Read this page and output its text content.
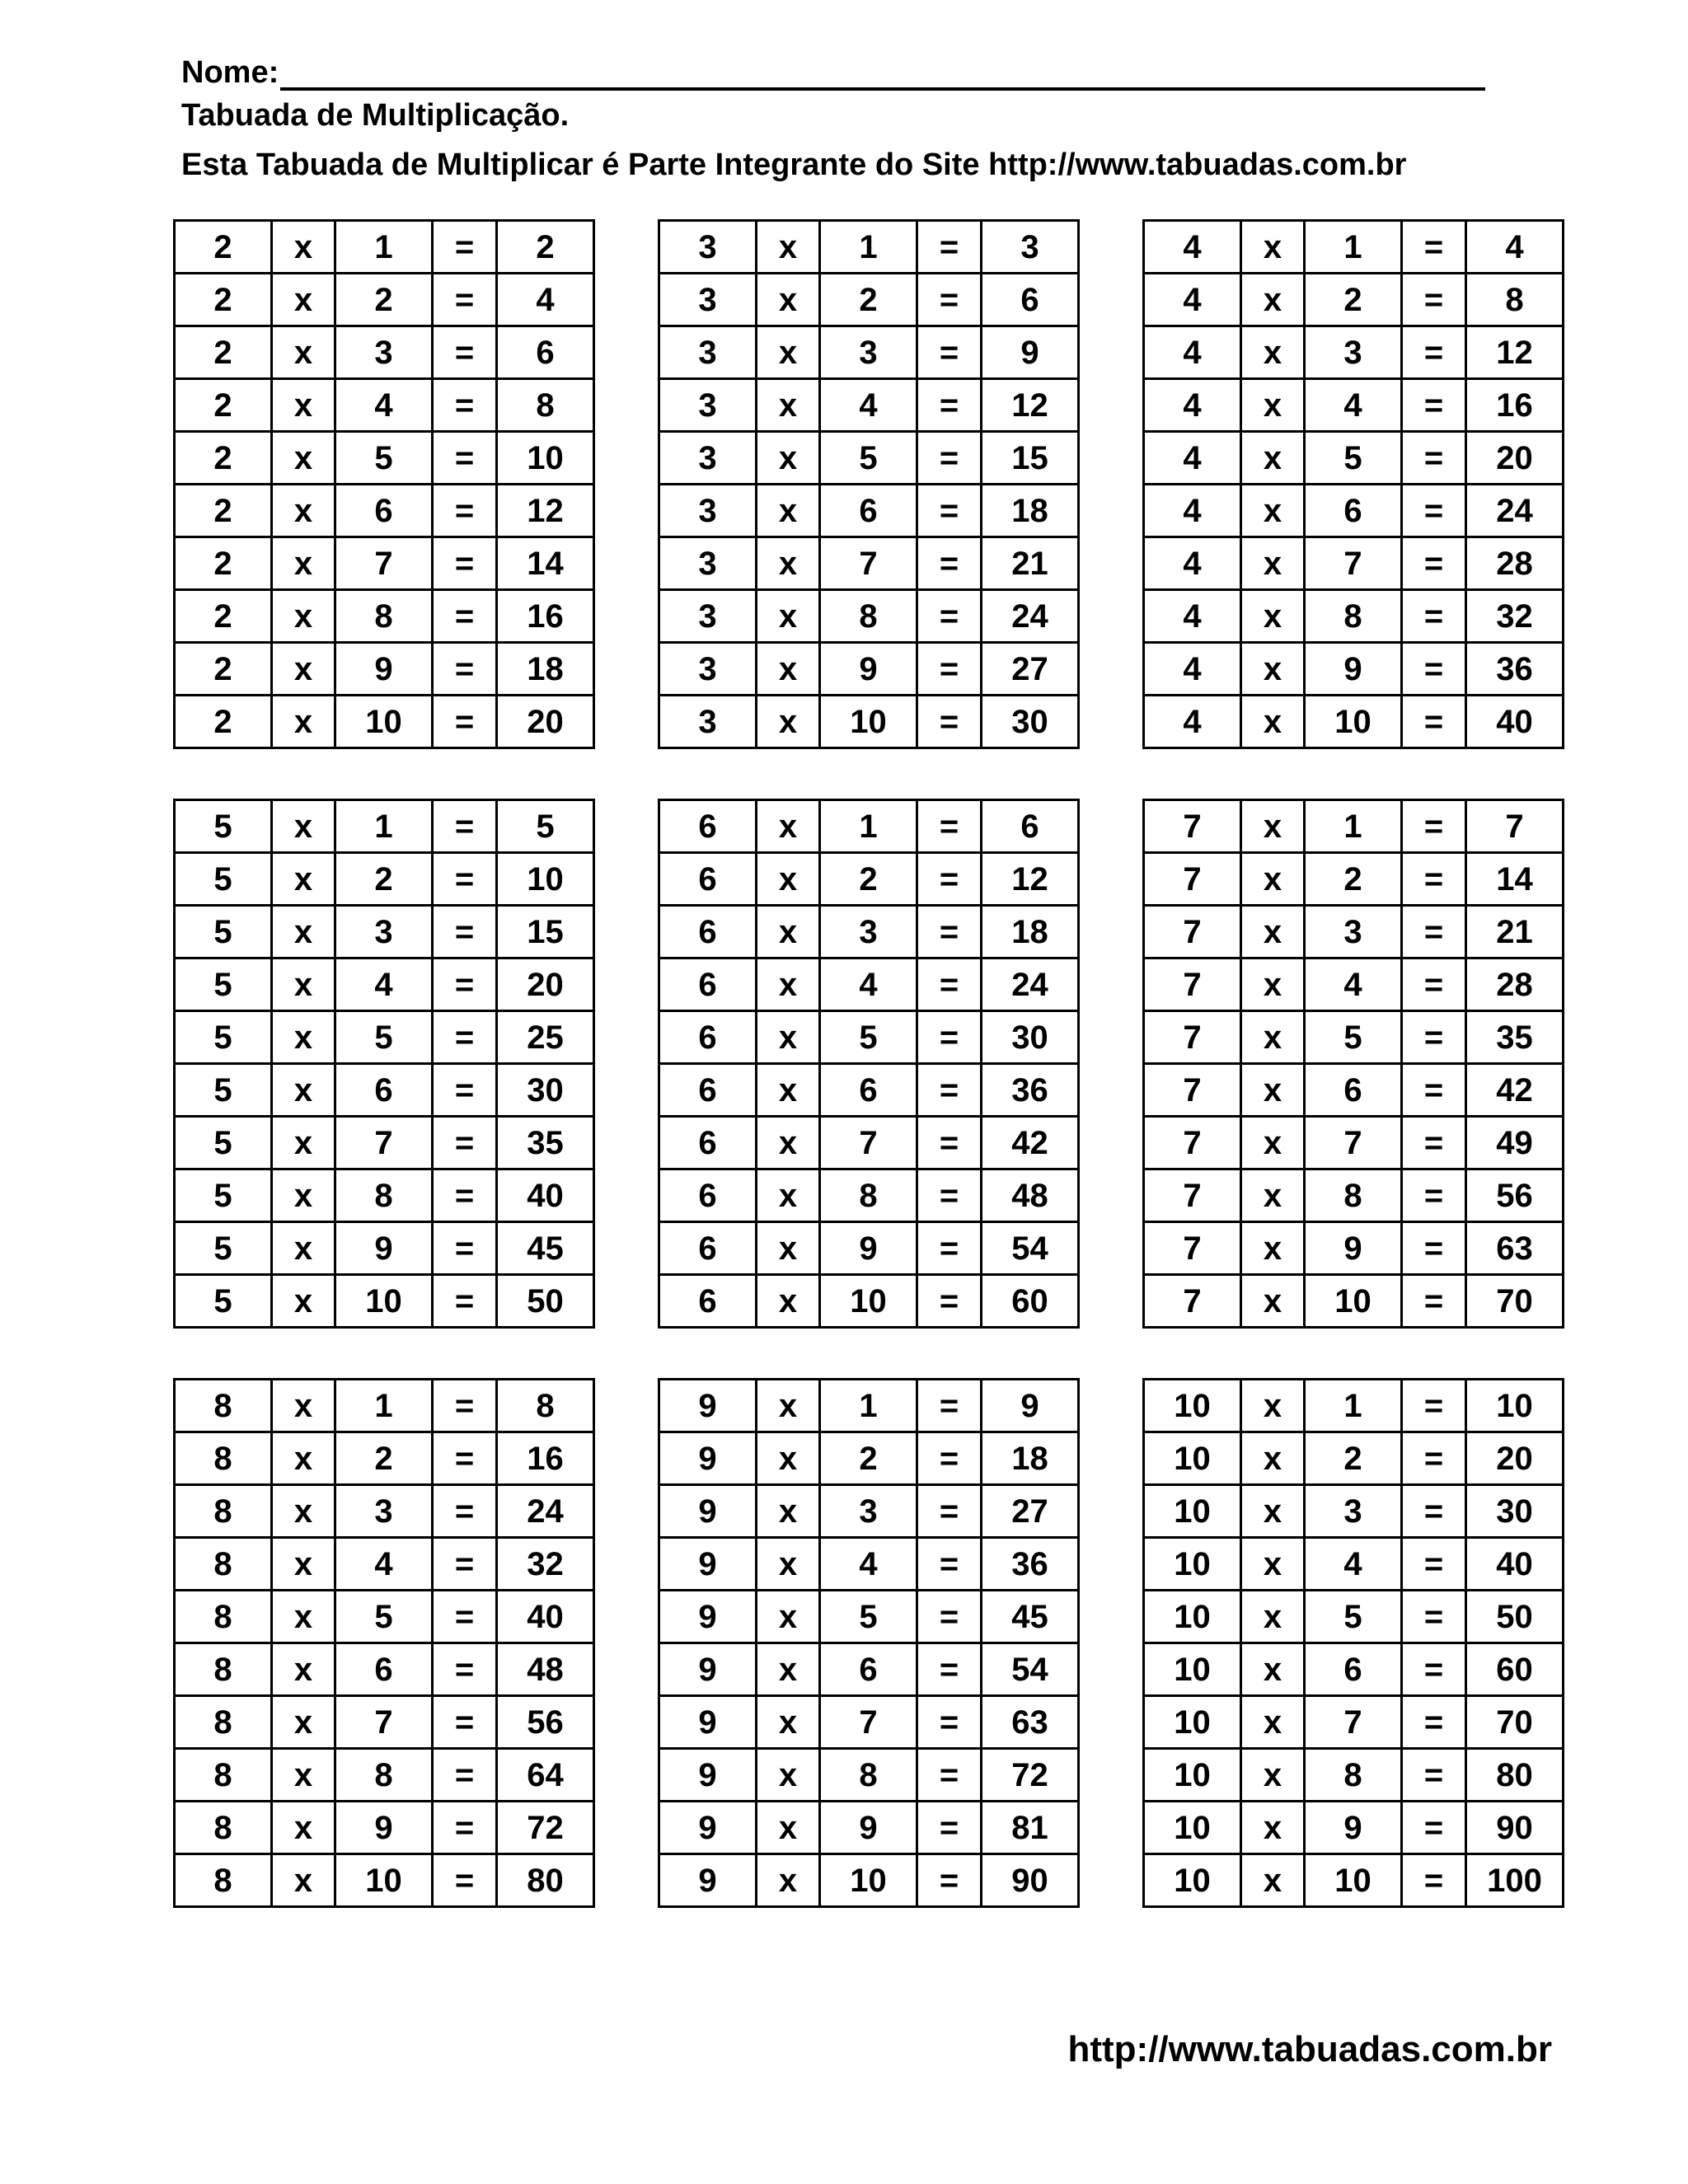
Nome:
Tabuada de Multiplicação.
Esta Tabuada de Multiplicar é Parte Integrante do Site http://www.tabuadas.com.br
2	x	1	=	2
2	x	2	=	4
2	x	3	=	6
2	x	4	=	8
2	x	5	=	10
2	x	6	=	12
2	x	7	=	14
2	x	8	=	16
2	x	9	=	18
2	x	10	=	20
3	x	1	=	3
3	x	2	=	6
3	x	3	=	9
3	x	4	=	12
3	x	5	=	15
3	x	6	=	18
3	x	7	=	21
3	x	8	=	24
3	x	9	=	27
3	x	10	=	30
4	x	1	=	4
4	x	2	=	8
4	x	3	=	12
4	x	4	=	16
4	x	5	=	20
4	x	6	=	24
4	x	7	=	28
4	x	8	=	32
4	x	9	=	36
4	x	10	=	40
5	x	1	=	5
5	x	2	=	10
5	x	3	=	15
5	x	4	=	20
5	x	5	=	25
5	x	6	=	30
5	x	7	=	35
5	x	8	=	40
5	x	9	=	45
5	x	10	=	50
6	x	1	=	6
6	x	2	=	12
6	x	3	=	18
6	x	4	=	24
6	x	5	=	30
6	x	6	=	36
6	x	7	=	42
6	x	8	=	48
6	x	9	=	54
6	x	10	=	60
7	x	1	=	7
7	x	2	=	14
7	x	3	=	21
7	x	4	=	28
7	x	5	=	35
7	x	6	=	42
7	x	7	=	49
7	x	8	=	56
7	x	9	=	63
7	x	10	=	70
8	x	1	=	8
8	x	2	=	16
8	x	3	=	24
8	x	4	=	32
8	x	5	=	40
8	x	6	=	48
8	x	7	=	56
8	x	8	=	64
8	x	9	=	72
8	x	10	=	80
9	x	1	=	9
9	x	2	=	18
9	x	3	=	27
9	x	4	=	36
9	x	5	=	45
9	x	6	=	54
9	x	7	=	63
9	x	8	=	72
9	x	9	=	81
9	x	10	=	90
10	x	1	=	10
10	x	2	=	20
10	x	3	=	30
10	x	4	=	40
10	x	5	=	50
10	x	6	=	60
10	x	7	=	70
10	x	8	=	80
10	x	9	=	90
10	x	10	=	100
http://www.tabuadas.com.br
